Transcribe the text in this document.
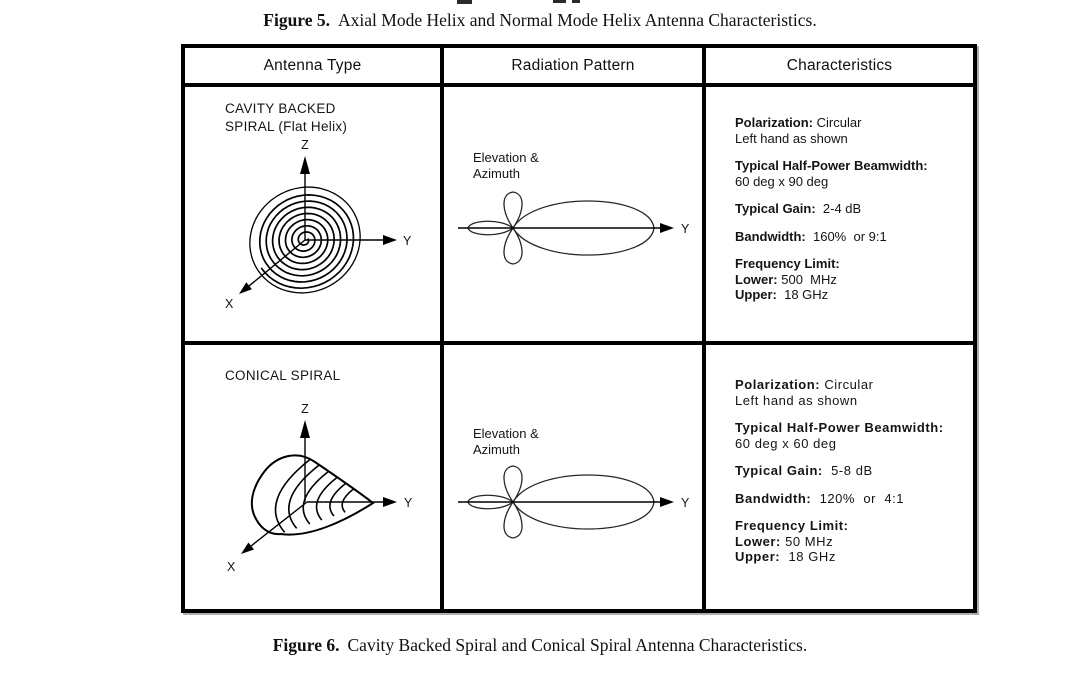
Figure 5. Axial Mode Helix and Normal Mode Helix Antenna Characteristics.
Antenna Type	Radiation Pattern	Characteristics
CAVITY BACKED
SPIRAL (Flat Helix)
Z
Y
X
Elevation &
Azimuth
Y
Polarization: Circular
Left hand as shown
Typical Half-Power Beamwidth:
60 deg x 90 deg
Typical Gain:  2-4 dB
Bandwidth:  160%  or 9:1
Frequency Limit:
Lower: 500  MHz
Upper:  18 GHz
CONICAL SPIRAL
Z
Y
X
Elevation &
Azimuth
Y
Polarization: Circular
Left hand as shown
Typical Half-Power Beamwidth:
60 deg x 60 deg
Typical Gain:  5-8 dB
Bandwidth:  120%  or  4:1
Frequency Limit:
Lower: 50 MHz
Upper:  18 GHz
Figure 6. Cavity Backed Spiral and Conical Spiral Antenna Characteristics.
